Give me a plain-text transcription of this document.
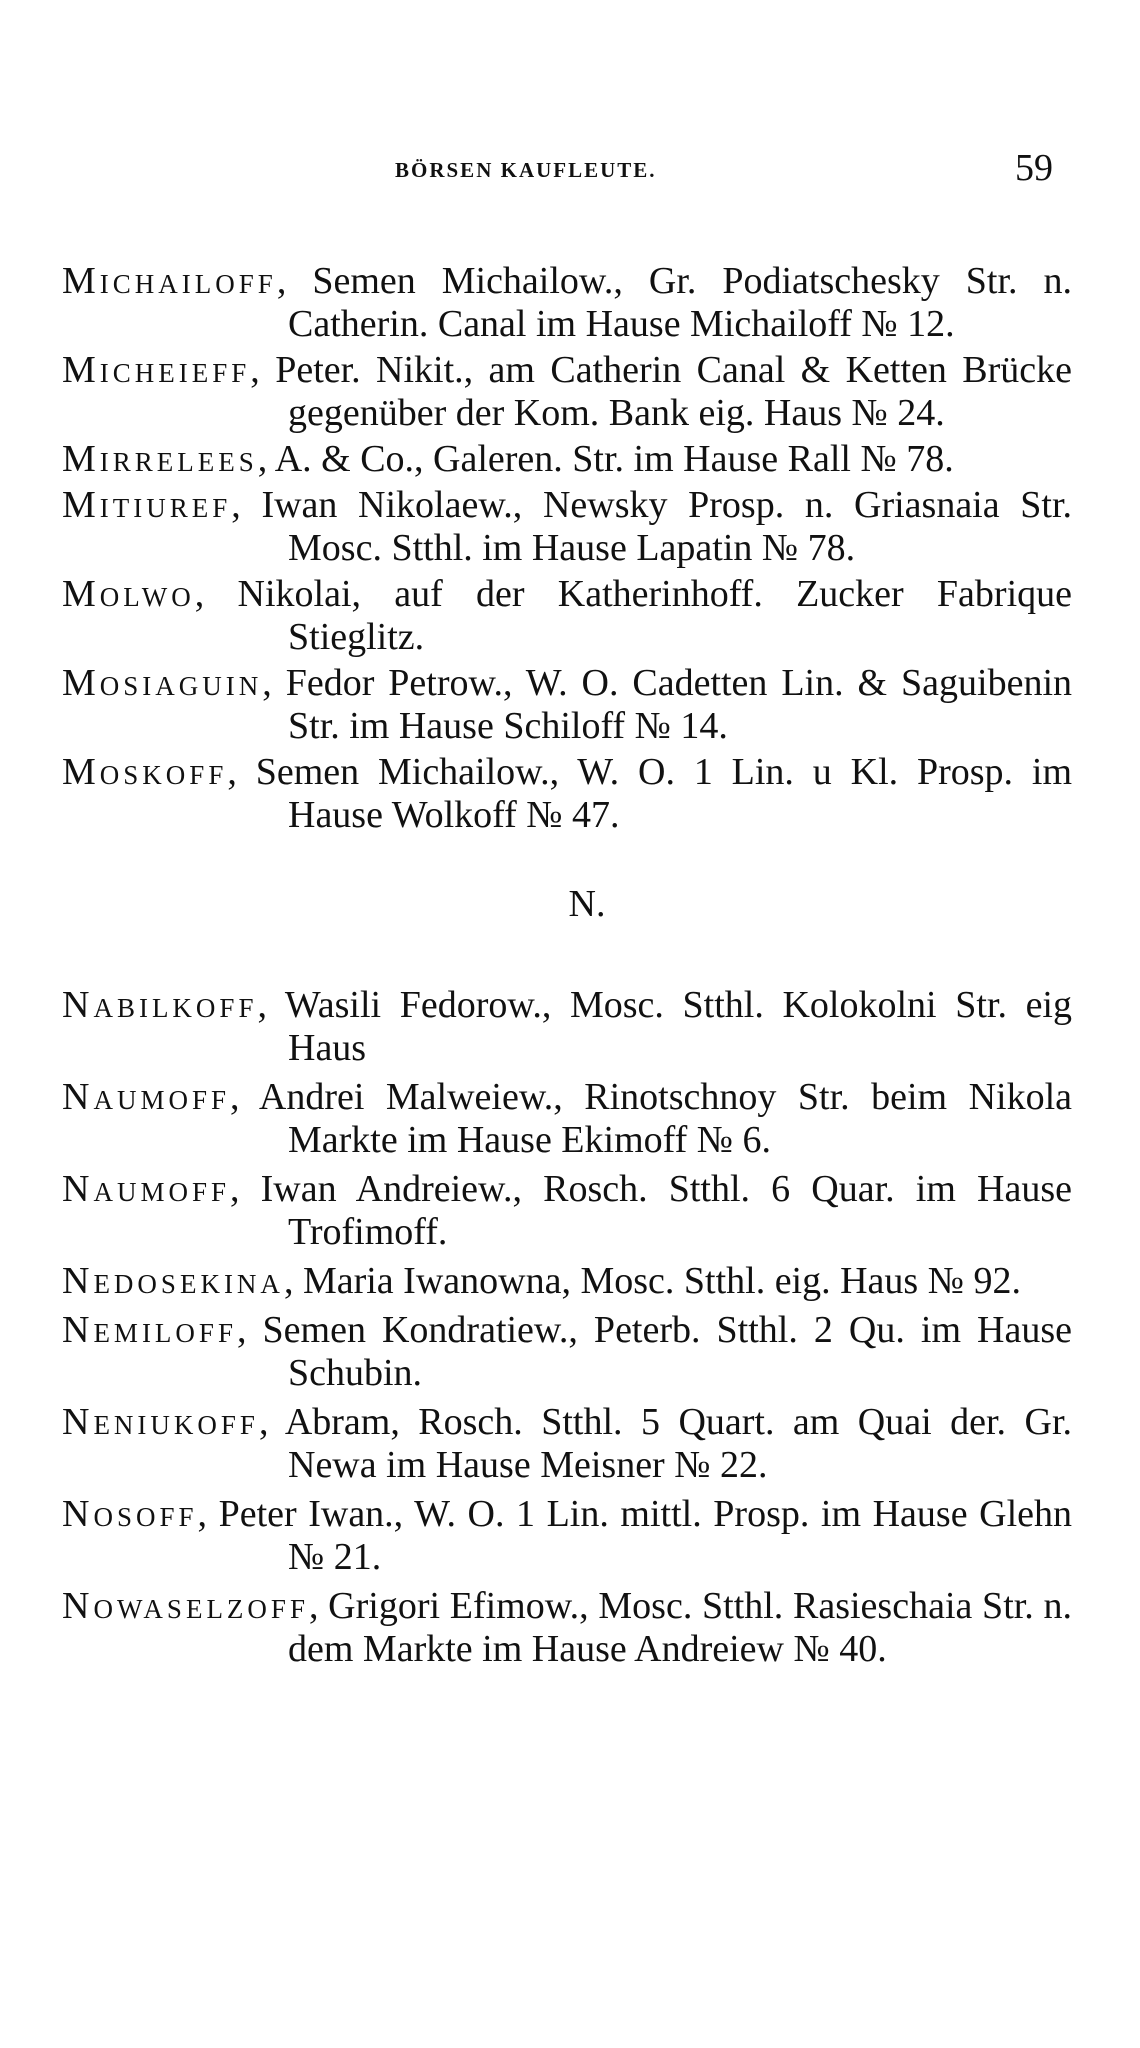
BÖRSEN KAUFLEUTE.	59

Michailoff, Semen Michailow., Gr. Podiatschesky Str. n. Catherin. Canal im Hause Michailoff № 12.

Micheieff, Peter. Nikit., am Catherin Canal & Ketten Brücke gegenüber der Kom. Bank eig. Haus № 24.

Mirrelees, A. & Co., Galeren. Str. im Hause Rall № 78.

Mitiuref, Iwan Nikolaew., Newsky Prosp. n. Griasnaia Str. Mosc. Stthl. im Hause Lapatin № 78.

Molwo, Nikolai, auf der Katherinhoff. Zucker Fabrique Stieglitz.

Mosiaguin, Fedor Petrow., W. O. Cadetten Lin. & Saguibenin Str. im Hause Schiloff № 14.

Moskoff, Semen Michailow., W. O. 1 Lin. u Kl. Prosp. im Hause Wolkoff № 47.

N.

Nabilkoff, Wasili Fedorow., Mosc. Stthl. Kolokolni Str. eig Haus

Naumoff, Andrei Malweiew., Rinotschnoy Str. beim Nikola Markte im Hause Ekimoff № 6.

Naumoff, Iwan Andreiew., Rosch. Stthl. 6 Quar. im Hause Trofimoff.

Nedosekina, Maria Iwanowna, Mosc. Stthl. eig. Haus № 92.

Nemiloff, Semen Kondratiew., Peterb. Stthl. 2 Qu. im Hause Schubin.

Neniukoff, Abram, Rosch. Stthl. 5 Quart. am Quai der. Gr. Newa im Hause Meisner № 22.

Nosoff, Peter Iwan., W. O. 1 Lin. mittl. Prosp. im Hause Glehn № 21.

Nowaselzoff, Grigori Efimow., Mosc. Stthl. Rasieschaia Str. n. dem Markte im Hause Andreiew № 40.
